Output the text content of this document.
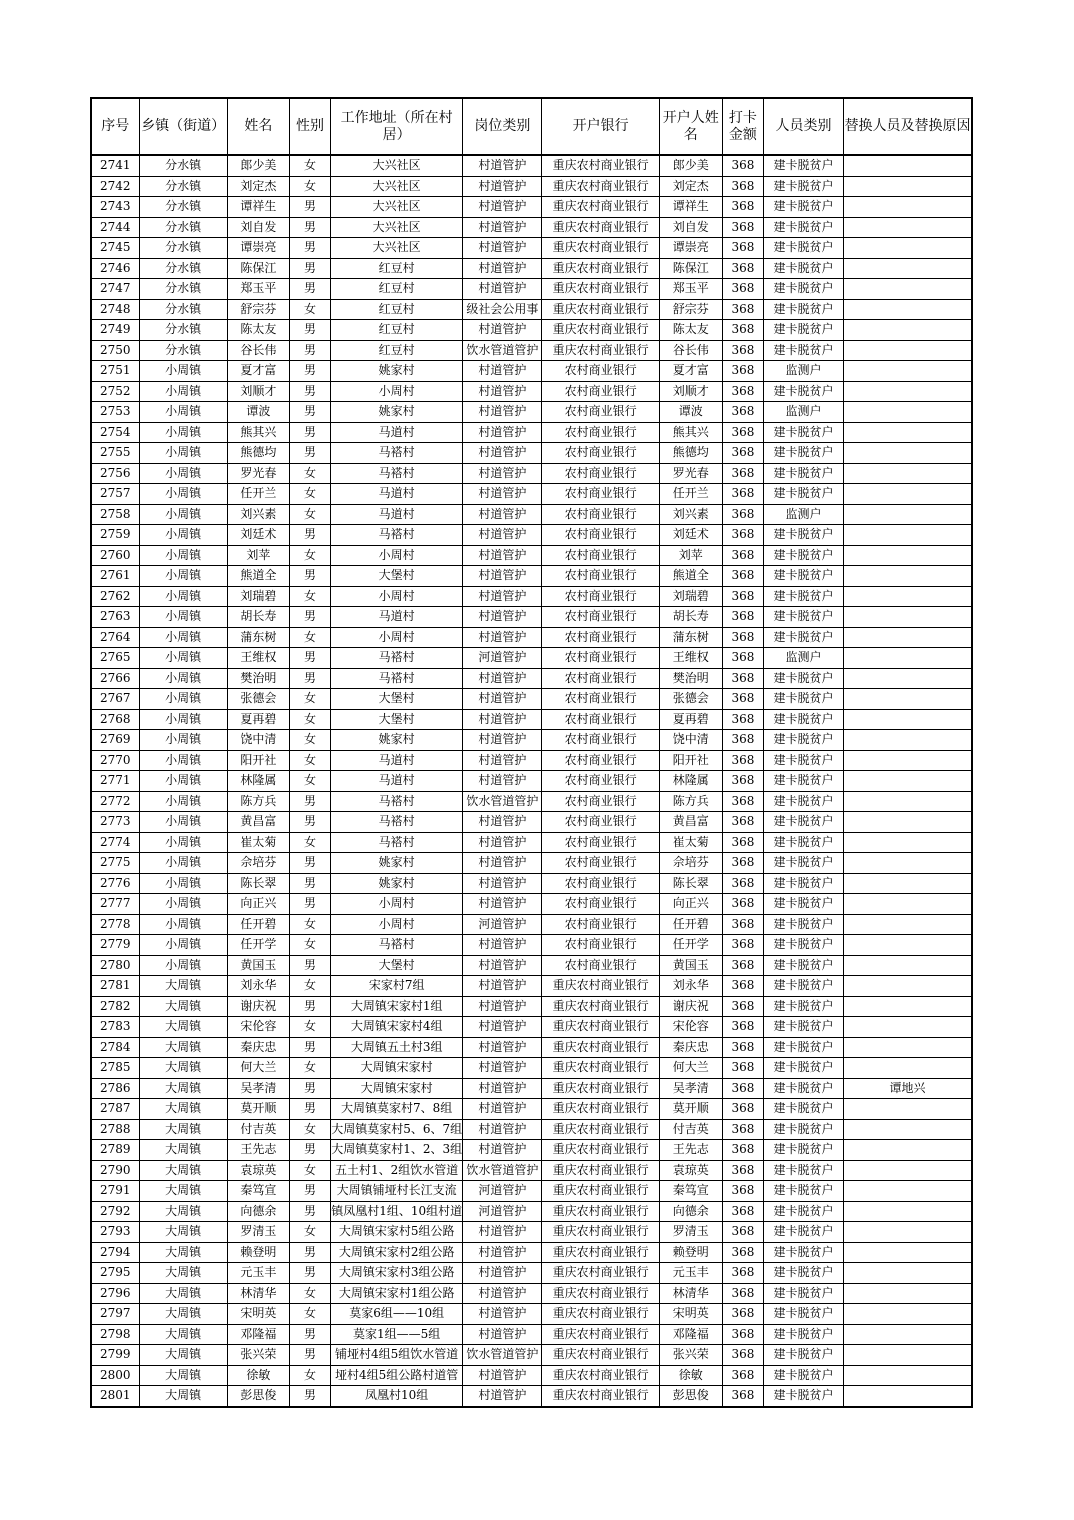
序号	乡镇（街道）	姓名	性别	工作地址（所在村居）	岗位类别	开户银行	开户人姓名	打卡金额	人员类别	替换人员及替换原因
2741	分水镇	郎少美	女	大兴社区	村道管护	重庆农村商业银行	郎少美	368	建卡脱贫户	
2742	分水镇	刘定杰	女	大兴社区	村道管护	重庆农村商业银行	刘定杰	368	建卡脱贫户	
2743	分水镇	谭祥生	男	大兴社区	村道管护	重庆农村商业银行	谭祥生	368	建卡脱贫户	
2744	分水镇	刘自发	男	大兴社区	村道管护	重庆农村商业银行	刘自发	368	建卡脱贫户	
2745	分水镇	谭崇亮	男	大兴社区	村道管护	重庆农村商业银行	谭崇亮	368	建卡脱贫户	
2746	分水镇	陈保江	男	红豆村	村道管护	重庆农村商业银行	陈保江	368	建卡脱贫户	
2747	分水镇	郑玉平	男	红豆村	村道管护	重庆农村商业银行	郑玉平	368	建卡脱贫户	
2748	分水镇	舒宗芬	女	红豆村	级社会公用事	重庆农村商业银行	舒宗芬	368	建卡脱贫户	
2749	分水镇	陈太友	男	红豆村	村道管护	重庆农村商业银行	陈太友	368	建卡脱贫户	
2750	分水镇	谷长伟	男	红豆村	饮水管道管护	重庆农村商业银行	谷长伟	368	建卡脱贫户	
2751	小周镇	夏才富	男	姚家村	村道管护	农村商业银行	夏才富	368	监测户	
2752	小周镇	刘顺才	男	小周村	村道管护	农村商业银行	刘顺才	368	建卡脱贫户	
2753	小周镇	谭波	男	姚家村	村道管护	农村商业银行	谭波	368	监测户	
2754	小周镇	熊其兴	男	马道村	村道管护	农村商业银行	熊其兴	368	建卡脱贫户	
2755	小周镇	熊德均	男	马褡村	村道管护	农村商业银行	熊德均	368	建卡脱贫户	
2756	小周镇	罗光春	女	马褡村	村道管护	农村商业银行	罗光春	368	建卡脱贫户	
2757	小周镇	任开兰	女	马道村	村道管护	农村商业银行	任开兰	368	建卡脱贫户	
2758	小周镇	刘兴素	女	马道村	村道管护	农村商业银行	刘兴素	368	监测户	
2759	小周镇	刘廷术	男	马褡村	村道管护	农村商业银行	刘廷术	368	建卡脱贫户	
2760	小周镇	刘苹	女	小周村	村道管护	农村商业银行	刘苹	368	建卡脱贫户	
2761	小周镇	熊道全	男	大堡村	村道管护	农村商业银行	熊道全	368	建卡脱贫户	
2762	小周镇	刘瑞碧	女	小周村	村道管护	农村商业银行	刘瑞碧	368	建卡脱贫户	
2763	小周镇	胡长寿	男	马道村	村道管护	农村商业银行	胡长寿	368	建卡脱贫户	
2764	小周镇	蒲东树	女	小周村	村道管护	农村商业银行	蒲东树	368	建卡脱贫户	
2765	小周镇	王维权	男	马褡村	河道管护	农村商业银行	王维权	368	监测户	
2766	小周镇	樊治明	男	马褡村	村道管护	农村商业银行	樊治明	368	建卡脱贫户	
2767	小周镇	张德会	女	大堡村	村道管护	农村商业银行	张德会	368	建卡脱贫户	
2768	小周镇	夏再碧	女	大堡村	村道管护	农村商业银行	夏再碧	368	建卡脱贫户	
2769	小周镇	饶中清	女	姚家村	村道管护	农村商业银行	饶中清	368	建卡脱贫户	
2770	小周镇	阳开社	女	马道村	村道管护	农村商业银行	阳开社	368	建卡脱贫户	
2771	小周镇	林隆属	女	马道村	村道管护	农村商业银行	林隆属	368	建卡脱贫户	
2772	小周镇	陈方兵	男	马褡村	饮水管道管护	农村商业银行	陈方兵	368	建卡脱贫户	
2773	小周镇	黄昌富	男	马褡村	村道管护	农村商业银行	黄昌富	368	建卡脱贫户	
2774	小周镇	崔太菊	女	马褡村	村道管护	农村商业银行	崔太菊	368	建卡脱贫户	
2775	小周镇	佘培芬	男	姚家村	村道管护	农村商业银行	佘培芬	368	建卡脱贫户	
2776	小周镇	陈长翠	男	姚家村	村道管护	农村商业银行	陈长翠	368	建卡脱贫户	
2777	小周镇	向正兴	男	小周村	村道管护	农村商业银行	向正兴	368	建卡脱贫户	
2778	小周镇	任开碧	女	小周村	河道管护	农村商业银行	任开碧	368	建卡脱贫户	
2779	小周镇	任开学	女	马褡村	村道管护	农村商业银行	任开学	368	建卡脱贫户	
2780	小周镇	黄国玉	男	大堡村	村道管护	农村商业银行	黄国玉	368	建卡脱贫户	
2781	大周镇	刘永华	女	宋家村7组	村道管护	重庆农村商业银行	刘永华	368	建卡脱贫户	
2782	大周镇	谢庆祝	男	大周镇宋家村1组	村道管护	重庆农村商业银行	谢庆祝	368	建卡脱贫户	
2783	大周镇	宋伦容	女	大周镇宋家村4组	村道管护	重庆农村商业银行	宋伦容	368	建卡脱贫户	
2784	大周镇	秦庆忠	男	大周镇五土村3组	村道管护	重庆农村商业银行	秦庆忠	368	建卡脱贫户	
2785	大周镇	何大兰	女	大周镇宋家村	村道管护	重庆农村商业银行	何大兰	368	建卡脱贫户	
2786	大周镇	吴孝清	男	大周镇宋家村	村道管护	重庆农村商业银行	吴孝清	368	建卡脱贫户	谭地兴
2787	大周镇	莫开顺	男	大周镇莫家村7、8组	村道管护	重庆农村商业银行	莫开顺	368	建卡脱贫户	
2788	大周镇	付吉英	女	大周镇莫家村5、6、7组	村道管护	重庆农村商业银行	付吉英	368	建卡脱贫户	
2789	大周镇	王先志	男	大周镇莫家村1、2、3组	村道管护	重庆农村商业银行	王先志	368	建卡脱贫户	
2790	大周镇	袁琼英	女	五土村1、2组饮水管道	饮水管道管护	重庆农村商业银行	袁琼英	368	建卡脱贫户	
2791	大周镇	秦笃宣	男	大周镇铺垭村长江支流	河道管护	重庆农村商业银行	秦笃宣	368	建卡脱贫户	
2792	大周镇	向德余	男	镇凤凰村1组、10组村道	河道管护	重庆农村商业银行	向德余	368	建卡脱贫户	
2793	大周镇	罗清玉	女	大周镇宋家村5组公路	村道管护	重庆农村商业银行	罗清玉	368	建卡脱贫户	
2794	大周镇	赖登明	男	大周镇宋家村2组公路	村道管护	重庆农村商业银行	赖登明	368	建卡脱贫户	
2795	大周镇	元玉丰	男	大周镇宋家村3组公路	村道管护	重庆农村商业银行	元玉丰	368	建卡脱贫户	
2796	大周镇	林清华	女	大周镇宋家村1组公路	村道管护	重庆农村商业银行	林清华	368	建卡脱贫户	
2797	大周镇	宋明英	女	莫家6组——10组	村道管护	重庆农村商业银行	宋明英	368	建卡脱贫户	
2798	大周镇	邓隆福	男	莫家1组——5组	村道管护	重庆农村商业银行	邓隆福	368	建卡脱贫户	
2799	大周镇	张兴荣	男	铺垭村4组5组饮水管道	饮水管道管护	重庆农村商业银行	张兴荣	368	建卡脱贫户	
2800	大周镇	徐敏	女	垭村4组5组公路村道管	村道管护	重庆农村商业银行	徐敏	368	建卡脱贫户	
2801	大周镇	彭思俊	男	凤凰村10组	村道管护	重庆农村商业银行	彭思俊	368	建卡脱贫户	
